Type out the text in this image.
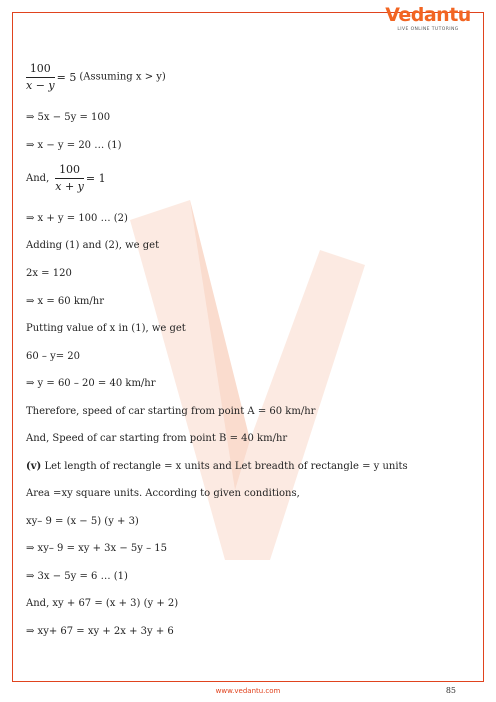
Vedantu
LIVE ONLINE TUTORING
$\frac{100}{x - y} = 5$ (Assuming x > y)
⇒ 5x − 5y = 100
⇒ x − y = 20 … (1)
And, $\frac{100}{x + y} = 1$
⇒ x + y = 100 … (2)
Adding (1) and (2), we get
2x = 120
⇒ x = 60 km/hr
Putting value of x in (1), we get
60 – y= 20
⇒ y = 60 – 20 = 40 km/hr
Therefore, speed of car starting from point A = 60 km/hr
And, Speed of car starting from point B = 40 km/hr
(v) Let length of rectangle = x units and Let breadth of rectangle = y units
Area =xy square units. According to given conditions,
xy– 9 = (x − 5) (y + 3)
⇒ xy– 9 = xy + 3x − 5y – 15
⇒ 3x − 5y = 6 … (1)
And, xy + 67 = (x + 3) (y + 2)
⇒ xy+ 67 = xy + 2x + 3y + 6
www.vedantu.com	85
